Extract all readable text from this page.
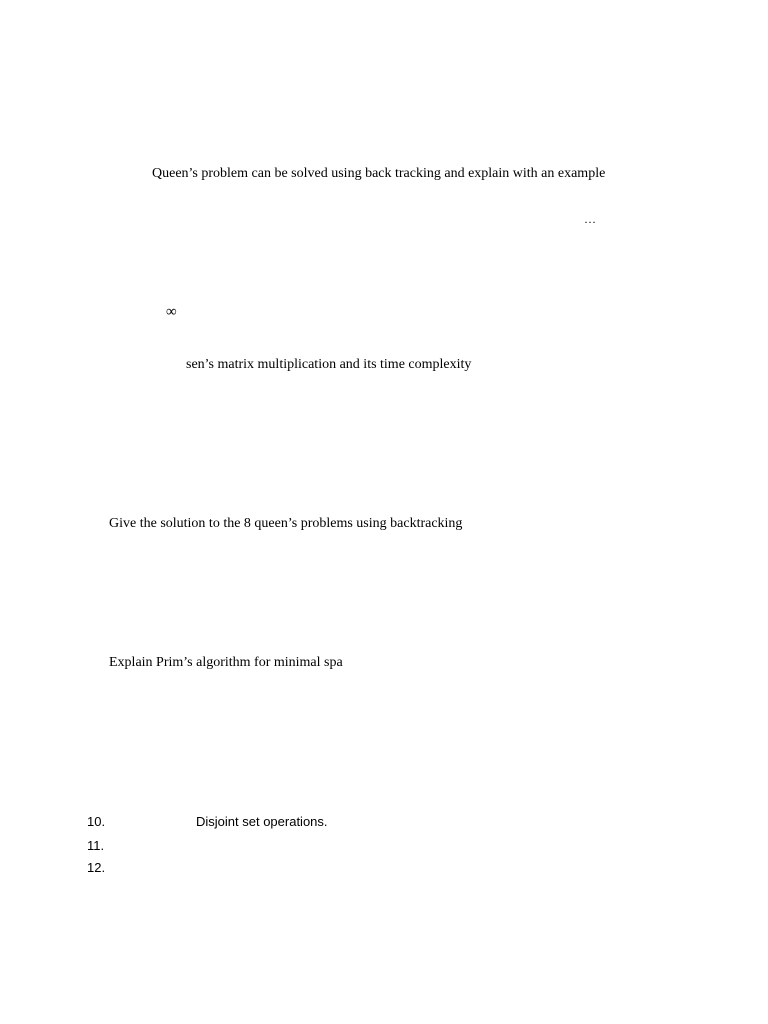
Queen’s problem can be solved using back tracking and explain with an example
…
∞
sen’s matrix multiplication and its time complexity
Give the solution to the 8 queen’s problems using backtracking
Explain Prim’s algorithm for minimal spa
10.	Disjoint set operations.
11.
12.
